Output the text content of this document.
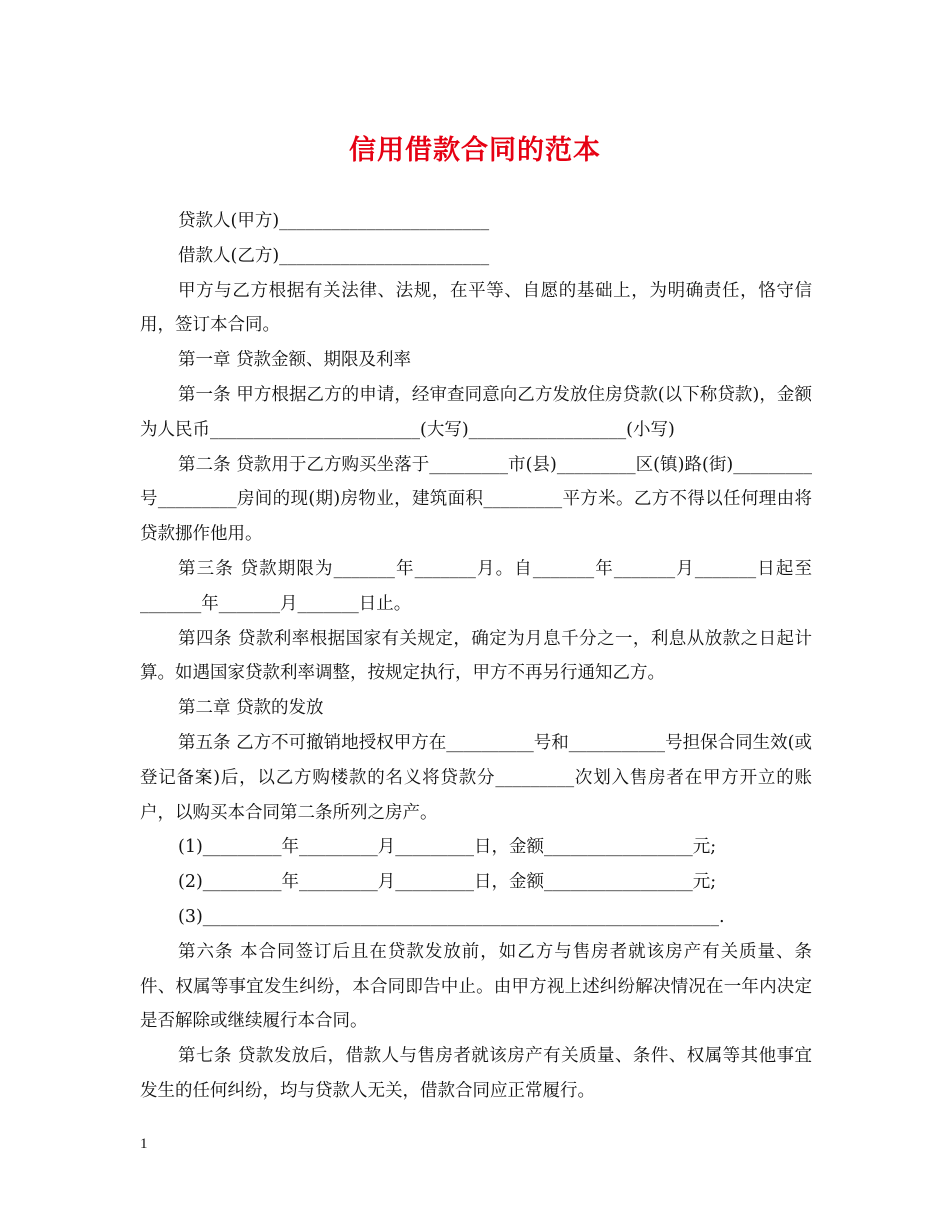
信用借款合同的范本

贷款人(甲方)________________________

借款人(乙方)________________________

甲方与乙方根据有关法律、法规，在平等、自愿的基础上，为明确责任，恪守信用，签订本合同。

第一章 贷款金额、期限及利率

第一条 甲方根据乙方的申请，经审查同意向乙方发放住房贷款(以下称贷款)，金额为人民币________________________(大写)__________________(小写)

第二条 贷款用于乙方购买坐落于_________市(县)_________区(镇)路(街)_________号_________房间的现(期)房物业，建筑面积_________平方米。乙方不得以任何理由将贷款挪作他用。

第三条 贷款期限为_______年_______月。自_______年_______月_______日起至_______年_______月_______日止。

第四条 贷款利率根据国家有关规定，确定为月息千分之一，利息从放款之日起计算。如遇国家贷款利率调整，按规定执行，甲方不再另行通知乙方。

第二章 贷款的发放

第五条 乙方不可撤销地授权甲方在__________号和___________号担保合同生效(或登记备案)后，以乙方购楼款的名义将贷款分_________次划入售房者在甲方开立的账户，以购买本合同第二条所列之房产。

(1)_________年_________月_________日，金额_________________元;

(2)_________年_________月_________日，金额_________________元;

(3)___________________________________________________________.

第六条 本合同签订后且在贷款发放前，如乙方与售房者就该房产有关质量、条件、权属等事宜发生纠纷，本合同即告中止。由甲方视上述纠纷解决情况在一年内决定是否解除或继续履行本合同。

第七条 贷款发放后，借款人与售房者就该房产有关质量、条件、权属等其他事宜发生的任何纠纷，均与贷款人无关，借款合同应正常履行。

1
